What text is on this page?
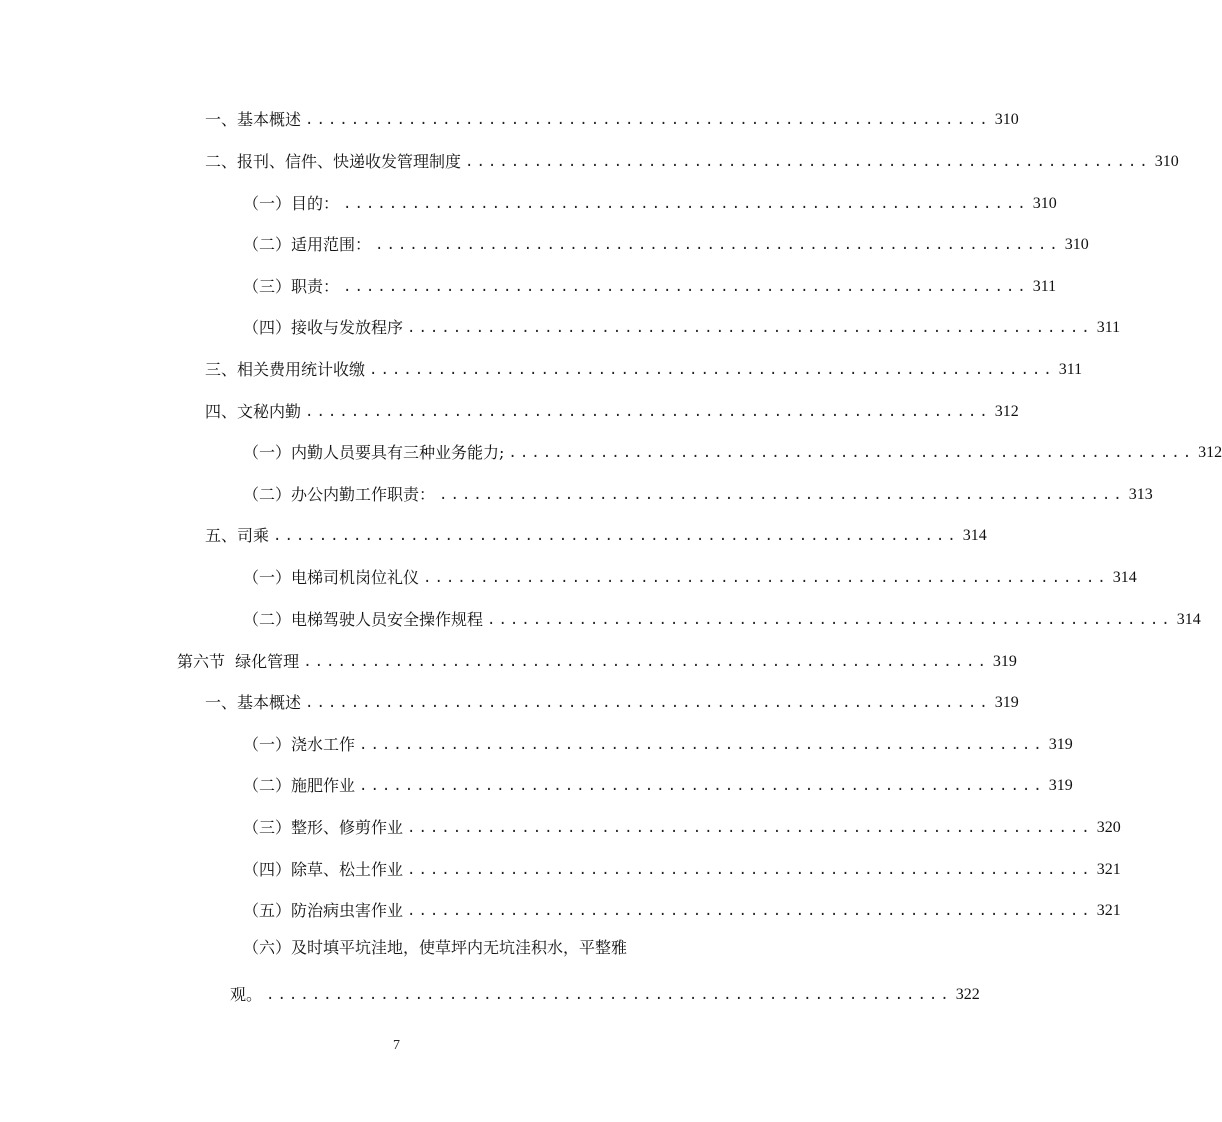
一、基本概述 ............................................................ 310
二、报刊、信件、快递收发管理制度 ............................................................ 310
（一）目的： ............................................................ 310
（二）适用范围： ............................................................ 310
（三）职责： ............................................................ 311
（四）接收与发放程序 ............................................................ 311
三、相关费用统计收缴 ............................................................ 311
四、文秘内勤 ............................................................ 312
（一）内勤人员要具有三种业务能力; ............................................................ 312
（二）办公内勤工作职责： ............................................................ 313
五、司乘 ............................................................ 314
（一）电梯司机岗位礼仪 ............................................................ 314
（二）电梯驾驶人员安全操作规程 ............................................................ 314
第六节  绿化管理 ............................................................ 319
一、基本概述 ............................................................ 319
（一）浇水工作 ............................................................ 319
（二）施肥作业 ............................................................ 319
（三）整形、修剪作业 ............................................................ 320
（四）除草、松土作业 ............................................................ 321
（五）防治病虫害作业 ............................................................ 321
（六）及时填平坑洼地，使草坪内无坑洼积水，平整雅
观。 ............................................................ 322
7
